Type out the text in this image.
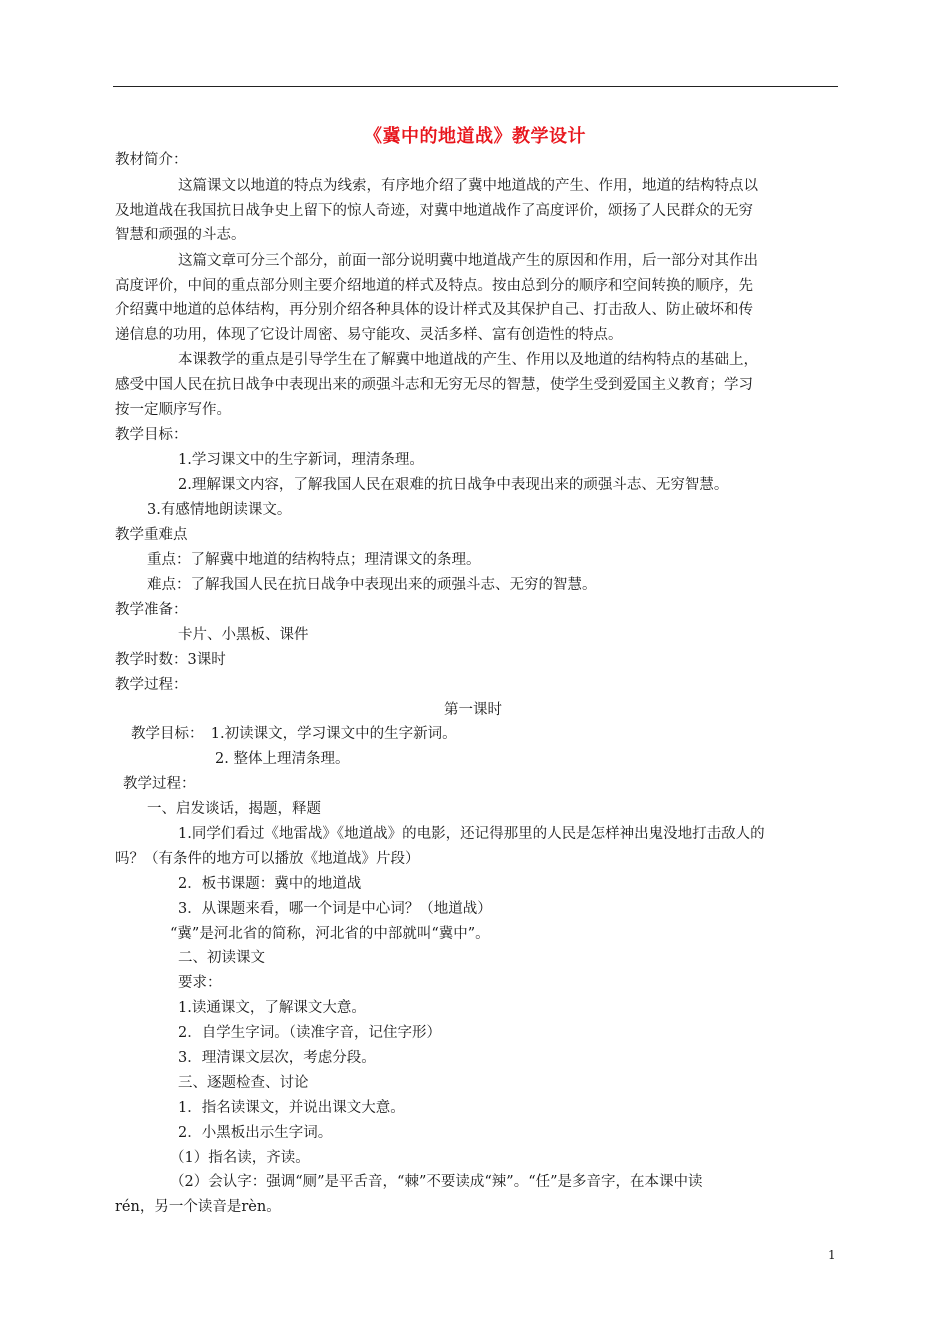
《冀中的地道战》教学设计
教材简介：
这篇课文以地道的特点为线索，有序地介绍了冀中地道战的产生、作用，地道的结构特点以
及地道战在我国抗日战争史上留下的惊人奇迹，对冀中地道战作了高度评价，颂扬了人民群众的无穷
智慧和顽强的斗志。
这篇文章可分三个部分，前面一部分说明冀中地道战产生的原因和作用，后一部分对其作出
高度评价，中间的重点部分则主要介绍地道的样式及特点。按由总到分的顺序和空间转换的顺序，先
介绍冀中地道的总体结构，再分别介绍各种具体的设计样式及其保护自己、打击敌人、防止破坏和传
递信息的功用，体现了它设计周密、易守能攻、灵活多样、富有创造性的特点。
本课教学的重点是引导学生在了解冀中地道战的产生、作用以及地道的结构特点的基础上，
感受中国人民在抗日战争中表现出来的顽强斗志和无穷无尽的智慧，使学生受到爱国主义教育；学习
按一定顺序写作。
教学目标：
1.学习课文中的生字新词，理清条理。
2.理解课文内容，了解我国人民在艰难的抗日战争中表现出来的顽强斗志、无穷智慧。
3.有感情地朗读课文。
教学重难点
重点：了解冀中地道的结构特点；理清课文的条理。
难点：了解我国人民在抗日战争中表现出来的顽强斗志、无穷的智慧。
教学准备：
卡片、小黑板、课件
教学时数：3课时
教学过程：
第一课时
教学目标：　1.初读课文，学习课文中的生字新词。
2. 整体上理清条理。
教学过程：
一、启发谈话，揭题，释题
1.同学们看过《地雷战》《地道战》的电影，还记得那里的人民是怎样神出鬼没地打击敌人的
吗？（有条件的地方可以播放《地道战》片段）
2．板书课题：冀中的地道战
3．从课题来看，哪一个词是中心词？（地道战）
“冀”是河北省的简称，河北省的中部就叫“冀中”。
二、初读课文
要求：
1.读通课文，了解课文大意。
2．自学生字词。（读准字音，记住字形）
3．理清课文层次，考虑分段。
三、逐题检查、讨论
1．指名读课文，并说出课文大意。
2．小黑板出示生字词。
（1）指名读，齐读。
（2）会认字：强调“厕”是平舌音，“棘”不要读成“辣”。“任”是多音字，在本课中读
rén，另一个读音是rèn。
1
